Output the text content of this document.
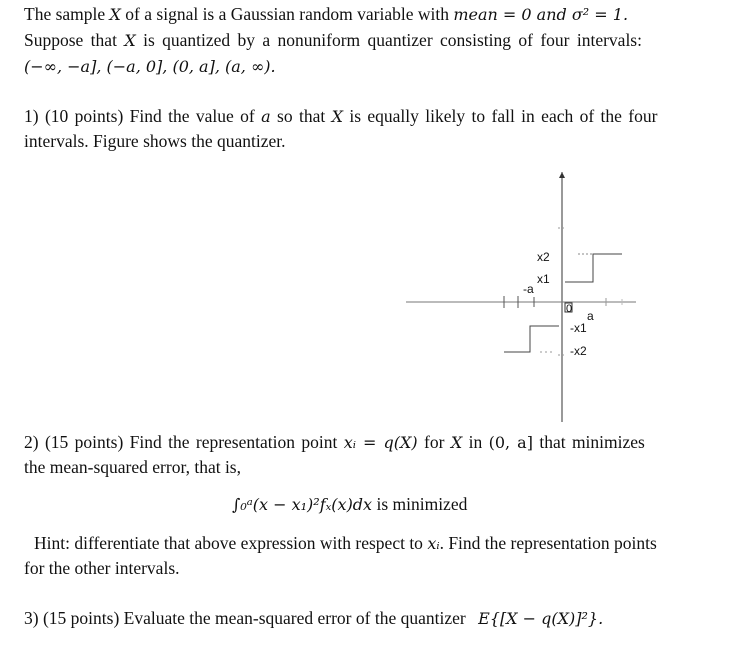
The sample X of a signal is a Gaussian random variable with mean = 0 and σ² = 1.
Suppose that X is quantized by a nonuniform quantizer consisting of four intervals:
(−∞, −a], (−a, 0], (0, a], (a, ∞).
1) (10 points) Find the value of a so that X is equally likely to fall in each of the four
intervals. Figure shows the quantizer.
x2
x1
-a
0 a
-x1
-x2
2) (15 points) Find the representation point xᵢ = q(X) for X in (0, a] that minimizes
the mean-squared error, that is,
∫₀ᵃ(x − x₁)²fₓ(x)dx is minimized
Hint: differentiate that above expression with respect to xᵢ. Find the representation points
for the other intervals.
3) (15 points) Evaluate the mean-squared error of the quantizer E{[X − q(X)]²}.
